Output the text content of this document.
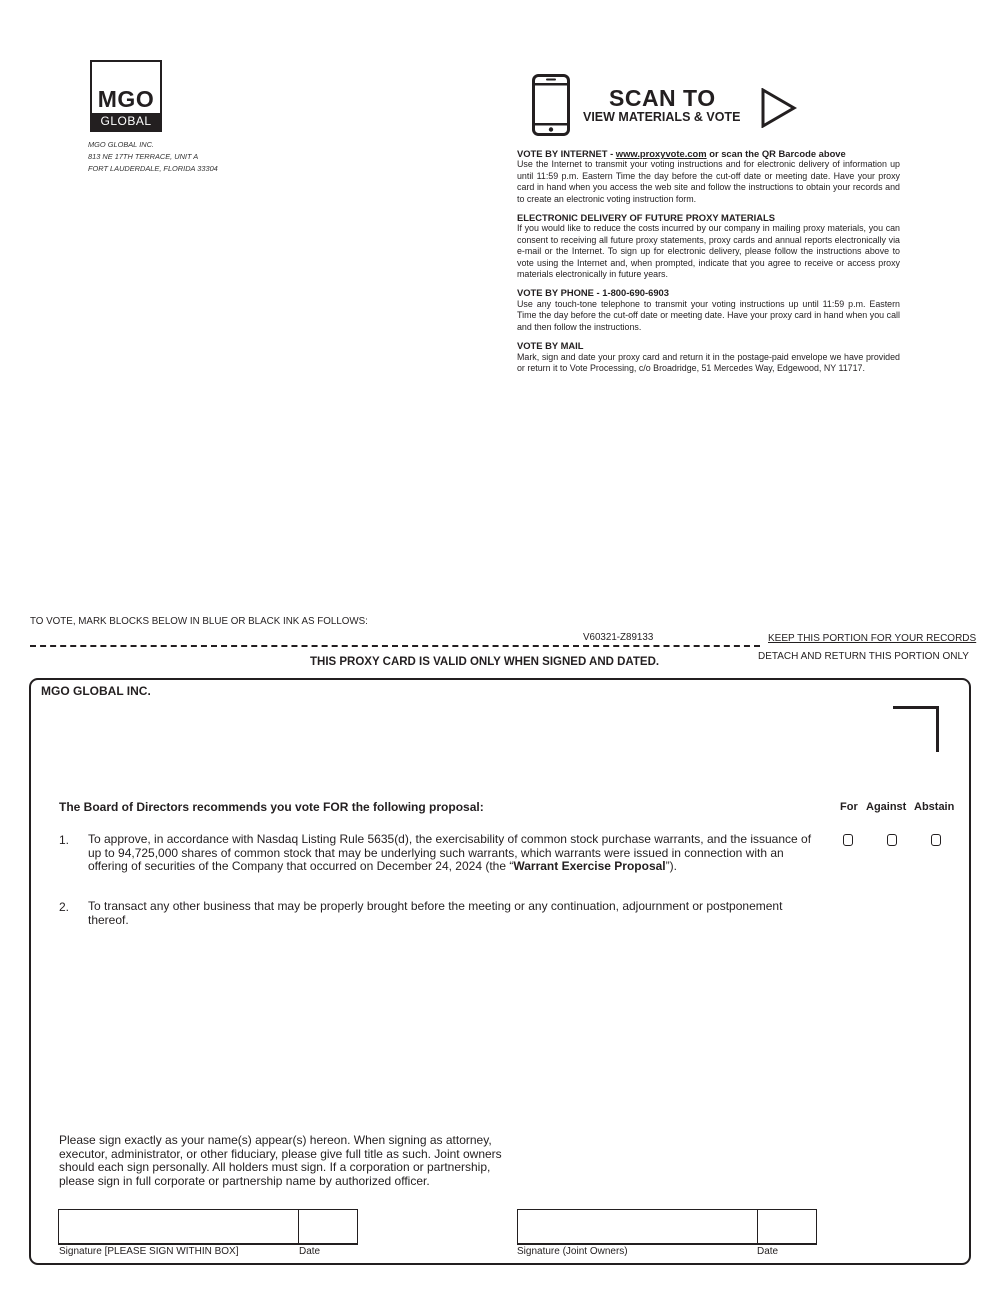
MGO
GLOBAL
MGO GLOBAL INC.
813 NE 17TH TERRACE, UNIT A
FORT LAUDERDALE, FLORIDA 33304
SCAN TO
VIEW MATERIALS & VOTE
VOTE BY INTERNET - www.proxyvote.com or scan the QR Barcode above
Use the Internet to transmit your voting instructions and for electronic delivery of information up until 11:59 p.m. Eastern Time the day before the cut-off date or meeting date. Have your proxy card in hand when you access the web site and follow the instructions to obtain your records and to create an electronic voting instruction form.
ELECTRONIC DELIVERY OF FUTURE PROXY MATERIALS
If you would like to reduce the costs incurred by our company in mailing proxy materials, you can consent to receiving all future proxy statements, proxy cards and annual reports electronically via e-mail or the Internet. To sign up for electronic delivery, please follow the instructions above to vote using the Internet and, when prompted, indicate that you agree to receive or access proxy materials electronically in future years.
VOTE BY PHONE - 1-800-690-6903
Use any touch-tone telephone to transmit your voting instructions up until 11:59 p.m. Eastern Time the day before the cut-off date or meeting date. Have your proxy card in hand when you call and then follow the instructions.
VOTE BY MAIL
Mark, sign and date your proxy card and return it in the postage-paid envelope we have provided or return it to Vote Processing, c/o Broadridge, 51 Mercedes Way, Edgewood, NY 11717.
TO VOTE, MARK BLOCKS BELOW IN BLUE OR BLACK INK AS FOLLOWS:
V60321-Z89133	KEEP THIS PORTION FOR YOUR RECORDS
THIS PROXY CARD IS VALID ONLY WHEN SIGNED AND DATED.	DETACH AND RETURN THIS PORTION ONLY
MGO GLOBAL INC.
The Board of Directors recommends you vote FOR the following proposal:	For Against Abstain
1. To approve, in accordance with Nasdaq Listing Rule 5635(d), the exercisability of common stock purchase warrants, and the issuance of up to 94,725,000 shares of common stock that may be underlying such warrants, which warrants were issued in connection with an offering of securities of the Company that occurred on December 24, 2024 (the “Warrant Exercise Proposal”).
2. To transact any other business that may be properly brought before the meeting or any continuation, adjournment or postponement thereof.
Please sign exactly as your name(s) appear(s) hereon. When signing as attorney, executor, administrator, or other fiduciary, please give full title as such. Joint owners should each sign personally. All holders must sign. If a corporation or partnership, please sign in full corporate or partnership name by authorized officer.
Signature [PLEASE SIGN WITHIN BOX]	Date	Signature (Joint Owners)	Date
